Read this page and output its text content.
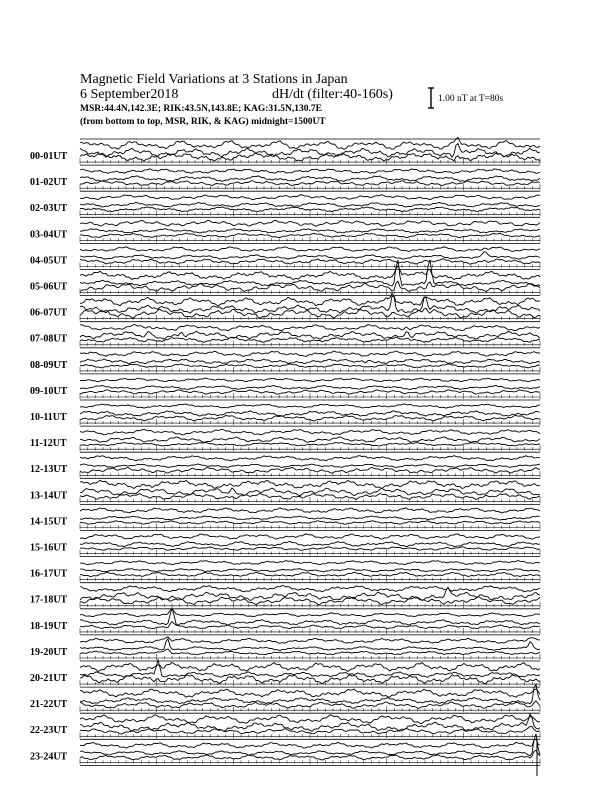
Magnetic Field Variations at 3 Stations in Japan

6 September2018	dH/dt (filter:40-160s)

MSR:44.4N,142.3E; RIK:43.5N,143.8E; KAG:31.5N,130.7E

(from bottom to top, MSR, RIK, & KAG) midnight=1500UT

1.00 nT at T=80s

00-01UT
01-02UT
02-03UT
03-04UT
04-05UT
05-06UT
06-07UT
07-08UT
08-09UT
09-10UT
10-11UT
11-12UT
12-13UT
13-14UT
14-15UT
15-16UT
16-17UT
17-18UT
18-19UT
19-20UT
20-21UT
21-22UT
22-23UT
23-24UT
